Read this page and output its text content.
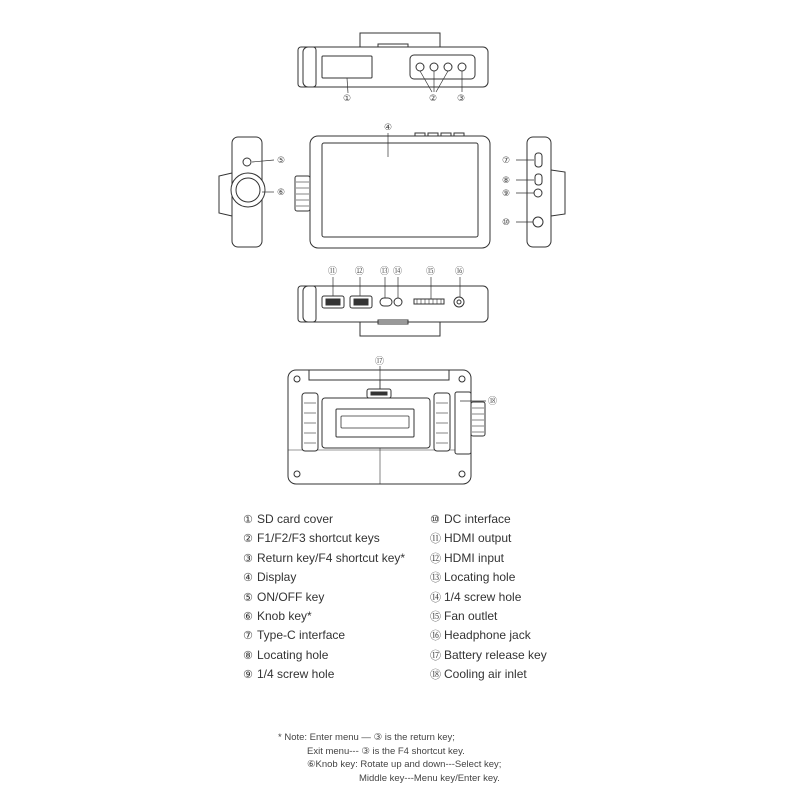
①	② ③
④
⑤
⑥
⑦
⑧
⑨
⑩
⑪ ⑫ ⑬ ⑭	⑮ ⑯
⑰
⑱
① SD card cover
② F1/F2/F3 shortcut keys
③ Return key/F4 shortcut key*
④ Display
⑤ ON/OFF key
⑥ Knob key*
⑦ Type-C interface
⑧ Locating hole
⑨ 1/4 screw hole
⑩ DC interface
⑪ HDMI output
⑫ HDMI input
⑬ Locating hole
⑭ 1/4 screw hole
⑮ Fan outlet
⑯ Headphone jack
⑰ Battery release key
⑱ Cooling air inlet
* Note: Enter menu — ③ is the return key;
Exit menu--- ③ is the F4 shortcut key.
⑥Knob key: Rotate up and down---Select key;
Middle key---Menu key/Enter key.
